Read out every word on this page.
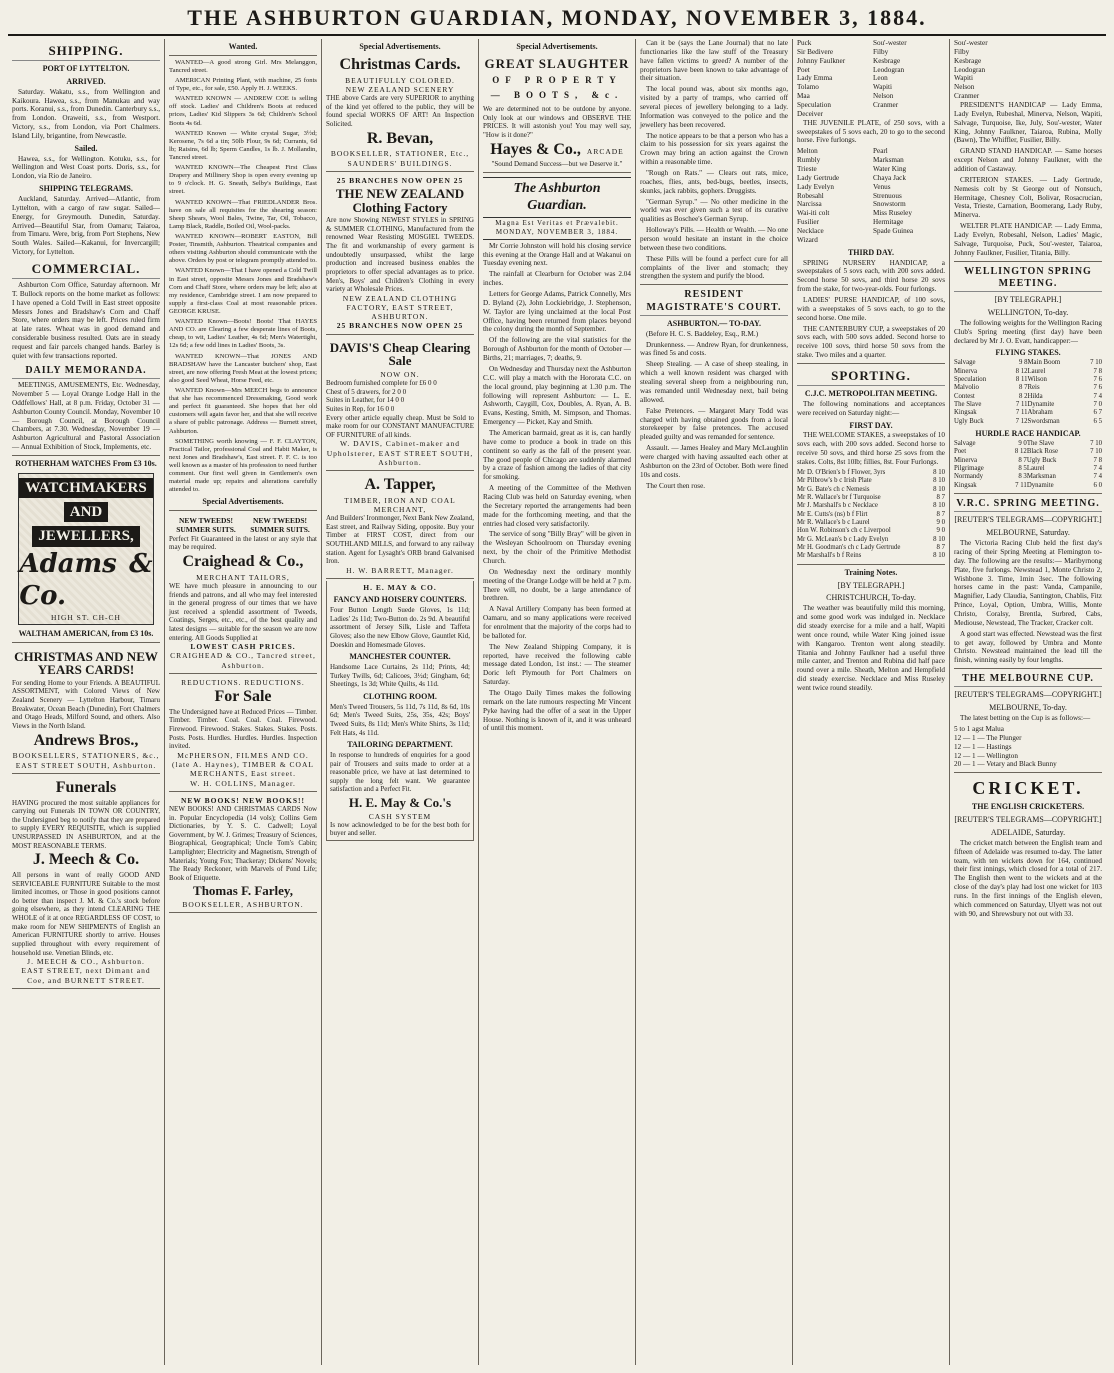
THE ASHBURTON GUARDIAN, MONDAY, NOVEMBER 3, 1884.
SHIPPING.
PORT OF LYTTELTON.
ARRIVED.

Saturday. Wakatu, s.s., from Wellington and Kaikoura. Hawea, s.s., from Manukau and way ports. Koranui, s.s., from Dunedin. Canterbury s.s., from London. Oraweiti, s.s., from Westport. Victory, s.s., from London, via Port Chalmers. Island Lily, brigantine, from Newcastle.

Sailed.

Hawea, s.s., for Wellington. Kotuku, s.s., for Wellington and West Coast ports. Doris, s.s., for London, via Rio de Janeiro.

SHIPPING TELEGRAMS.

Auckland, Saturday. Arrived—Atlantic, from Lyttelton, with a cargo of raw sugar. Sailed—Energy, for Greymouth. Dunedin, Saturday. Arrived—Beautiful Star, from Oamaru; Taiaroa, from Timaru. Were, brig, from Port Stephens, New South Wales. Sailed—Kakanui, for Invercargill; Victory, for Lyttelton.

COMMERCIAL.

Ashburton Corn Office, Saturday afternoon. Mr T. Bullock reports on the home market as follows: I have opened a Cold Twill in East street opposite Messrs Jones and Bradshaw's Corn and Chaff Store, where orders may be left. Prices ruled firm at late rates. Wheat was in good demand and considerable business resulted. Oats are in steady request and fair parcels changed hands. Barley is quiet with few transactions reported.

DAILY MEMORANDA.

MEETINGS, AMUSEMENTS, Etc. Wednesday, November 5 — Loyal Orange Lodge Hall in the Oddfellows' Hall, at 8 p.m. Friday, October 31 — Ashburton County Council. Monday, November 10 — Borough Council, at Borough Council Chambers, at 7.30. Wednesday, November 19 — Ashburton Agricultural and Pastoral Association — Annual Exhibition of Stock, Implements, etc.

ROTHERHAM WATCHES From £3 10s.
WATCHMAKERS
AND
JEWELLERS,
Adams & Co.
HIGH ST. CH-CH
WALTHAM AMERICAN, from £3 10s.
CHRISTMAS AND NEW YEARS CARDS!
For sending Home to your Friends. A BEAUTIFUL ASSORTMENT, with Colored Views of New Zealand Scenery — Lyttelton Harbour, Timaru Breakwater, Ocean Beach (Dunedin), Fort Chalmers and Otago Heads, Milford Sound, and others. Also Views in the North Island.
Andrews Bros.,
BOOKSELLERS, STATIONERS, &c., EAST STREET SOUTH, Ashburton.
Funerals
HAVING procured the most suitable appliances for carrying out Funerals IN TOWN OR COUNTRY, the Undersigned beg to notify that they are prepared to supply EVERY REQUISITE, which is supplied UNSURPASSED IN ASHBURTON, and at the MOST REASONABLE TERMS.
J. Meech & Co.
All persons in want of really GOOD AND SERVICEABLE FURNITURE Suitable to the most limited incomes, or Those in good positions cannot do better than inspect J. M. & Co.'s stock before going elsewhere, as they intend CLEARING THE WHOLE of it at once REGARDLESS OF COST, to make room for NEW SHIPMENTS of English an American FURNITURE shortly to arrive. Houses supplied throughout with every requirement of household use. Venetian Blinds, etc.
J. MEECH & CO., Ashburton.
EAST STREET, next Dimant and Coe, and BURNETT STREET.
Wanted.

WANTED—A good strong Girl. Mrs Melanggon, Tancred street.

AMERICAN Printing Plant, with machine, 25 fonts of Type, etc., for sale, £50. Apply H. J. WEEKS.

WANTED KNOWN — ANDREW COE is selling off stock. Ladies' and Children's Boots at reduced prices, Ladies' Kid Slippers 3s 6d; Children's School Boots 4s 6d.

WANTED Known — White crystal Sugar, 3½d; Kerosene, 7s 6d a tin; 50lb Flour, 9s 6d; Currants, 6d lb; Raisins, 6d lb; Sperm Candles, 1s lb. J. Mollandin, Tancred street.

WANTED KNOWN—The Cheapest First Class Drapery and Millinery Shop is open every evening up to 9 o'clock. H. G. Sneath, Selby's Buildings, East street.

WANTED KNOWN—That FRIEDLANDER Bros. have on sale all requisites for the shearing season: Sheep Shears, Wool Bales, Twine, Tar, Oil, Tobacco, Lamp Black, Raddle, Boiled Oil, Wool-packs.

WANTED KNOWN—ROBERT EASTON, Bill Poster, Tinsmith, Ashburton. Theatrical companies and others visiting Ashburton should communicate with the above. Orders by post or telegram promptly attended to.

WANTED Known—That I have opened a Cold Twill in East street, opposite Messrs Jones and Bradshaw's Corn and Chaff Store, where orders may be left; also at my residence, Cambridge street. I am now prepared to supply a first-class Coal at most reasonable prices. GEORGE KRUSE.

WANTED Known—Boots! Boots! That HAYES AND CO. are Clearing a few desperate lines of Boots, cheap, to wit, Ladies' Leather, 4s 6d; Men's Watertight, 12s 6d; a few odd lines in Ladies' Boots, 3s.

WANTED KNOWN—That JONES AND BRADSHAW have the Lancaster butchers' shop, East street, are now offering Fresh Meat at the lowest prices; also good Seed Wheat, Horse Feed, etc.

WANTED Known—Mrs MEECH begs to announce that she has recommenced Dressmaking, Good work and perfect fit guaranteed. She hopes that her old customers will again favor her, and that she will receive a share of public patronage. Address — Burnett street, Ashburton.

SOMETHING worth knowing — F. F. CLAYTON, Practical Tailor, professional Coal and Habit Maker, is next Jones and Bradshaw's, East street. F. F. C. is too well known as a master of his profession to need further comment. Our first well given in Gentlemen's own material made up; repairs and alterations carefully attended to.

Special Advertisements.
NEW TWEEDS! SUMMER SUITS.
NEW TWEEDS! SUMMER SUITS.
Perfect Fit Guaranteed in the latest or any style that may be required.
Craighead & Co.,
MERCHANT TAILORS,
WE have much pleasure in announcing to our friends and patrons, and all who may feel interested in the general progress of our times that we have just received a splendid assortment of Tweeds, Coatings, Serges, etc., etc., of the best quality and latest designs — suitable for the season we are now entering. All Goods Supplied at
LOWEST CASH PRICES.
CRAIGHEAD & CO., Tancred street, Ashburton.
REDUCTIONS. REDUCTIONS.
For Sale
The Undersigned have at Reduced Prices — Timber. Timber. Timber. Coal. Coal. Coal. Firewood. Firewood. Firewood. Stakes. Stakes. Stakes. Posts. Posts. Posts. Hurdles. Hurdles. Hurdles. Inspection invited.
McPHERSON, FILMES AND CO. (late A. Haynes), TIMBER & COAL MERCHANTS, East street.
W. H. COLLINS, Manager.
NEW BOOKS! NEW BOOKS!!
NEW BOOKS! AND CHRISTMAS CARDS Now in. Popular Encyclopedia (14 vols); Collins Gem Dictionaries, by Y. S. C. Cadwell; Loyal Government, by W. J. Grimes; Treasury of Sciences, Biographical, Geographical; Uncle Tom's Cabin; Lamplighter; Electricity and Magnetism, Strength of Materials; Young Fox; Thackeray; Dickens' Novels; The Ready Reckoner, with Marvels of Pond Life; Book of Etiquette.
Thomas F. Farley,
BOOKSELLER, ASHBURTON.
Special Advertisements.
Christmas Cards.
BEAUTIFULLY COLORED.
NEW ZEALAND SCENERY
THE above Cards are very SUPERIOR to anything of the kind yet offered to the public, they will be found special WORKS OF ART! An Inspection Solicited.
R. Bevan,
BOOKSELLER, STATIONER, Etc., SAUNDERS' BUILDINGS.
25 BRANCHES NOW OPEN 25
THE NEW ZEALAND Clothing Factory
Are now Showing NEWEST STYLES in SPRING & SUMMER CLOTHING, Manufactured from the renowned Wear Resisting MOSGIEL TWEEDS. The fit and workmanship of every garment is undoubtedly unsurpassed, whilst the large production and increased business enables the proprietors to offer special advantages as to price. Men's, Boys' and Children's Clothing in every variety at Wholesale Prices.
NEW ZEALAND CLOTHING FACTORY, EAST STREET, ASHBURTON.
25 BRANCHES NOW OPEN 25
DAVIS'S Cheap Clearing Sale
NOW ON.
Bedroom furnished complete for £6 0 0
Chest of 5 drawers, for 2 0 0
Suites in Leather, for 14 0 0
Suites in Rep, for 16 0 0
Every other article equally cheap. Must be Sold to make room for our CONSTANT MANUFACTURE OF FURNITURE of all kinds.
W. DAVIS, Cabinet-maker and Upholsterer, EAST STREET SOUTH, Ashburton.
A. Tapper,
TIMBER, IRON AND COAL MERCHANT,
And Builders' Ironmonger, Next Bank New Zealand, East street, and Railway Siding, opposite. Buy your Timber at FIRST COST, direct from our SOUTHLAND MILLS, and forward to any railway station. Agent for Lysaght's ORB brand Galvanised Iron.
H. W. BARRETT, Manager.
H. E. MAY & CO.
FANCY AND HOISERY COUNTERS.
Four Button Length Suede Gloves, 1s 11d; Ladies' 2s 11d; Two-Button do. 2s 9d. A beautiful assortment of Jersey Silk, Lisle and Taffeta Gloves; also the new Elbow Glove, Gauntlet Kid, Doeskin and Homesmade Gloves.
MANCHESTER COUNTER.
Handsome Lace Curtains, 2s 11d; Prints, 4d; Turkey Twills, 6d; Calicoes, 3½d; Gingham, 6d; Sheetings, 1s 3d; White Quilts, 4s 11d.
CLOTHING ROOM.
Men's Tweed Trousers, 5s 11d, 7s 11d, 8s 6d, 10s 6d; Men's Tweed Suits, 25s, 35s, 42s; Boys' Tweed Suits, 8s 11d; Men's White Shirts, 3s 11d; Felt Hats, 4s 11d.
TAILORING DEPARTMENT.
In response to hundreds of enquiries for a good pair of Trousers and suits made to order at a reasonable price, we have at last determined to supply the long felt want. We guarantee satisfaction and a Perfect Fit.
H. E. May & Co.'s
CASH SYSTEM
Is now acknowledged to be for the best both for buyer and seller.
Special Advertisements.
GREAT SLAUGHTER
OF PROPERTY — BOOTS, &c.
We are determined not to be outdone by anyone. Only look at our windows and OBSERVE THE PRICES. It will astonish you! You may well say, "How is it done?"
Hayes & Co., ARCADE
"Sound Demand Success—but we Deserve it."
The Ashburton Guardian.
Magna Est Veritas et Prævalebit.
MONDAY, NOVEMBER 3, 1884.

Mr Corrie Johnston will hold his closing service this evening at the Orange Hall and at Wakanui on Tuesday evening next.

The rainfall at Clearburn for October was 2.04 inches.

Letters for George Adams, Patrick Connelly, Mrs D. Byland (2), John Lockiebridge, J. Stephenson, W. Taylor are lying unclaimed at the local Post Office, having been returned from places beyond the colony during the month of September.

Of the following are the vital statistics for the Borough of Ashburton for the month of October — Births, 21; marriages, 7; deaths, 9.

On Wednesday and Thursday next the Ashburton C.C. will play a match with the Hororata C.C. on the local ground, play beginning at 1.30 p.m. The following will represent Ashburton: — L. E. Ashworth, Caygill, Cox, Doubles, A. Ryan, A. B. Evans, Kesting, Smith, M. Simpson, and Thomas. Emergency — Picket, Kay and Smith.

The American barmaid, great as it is, can hardly have come to produce a book in trade on this continent so early as the fall of the present year. The good people of Chicago are suddenly alarmed by a craze of fashion among the ladies of that city for smoking.

A meeting of the Committee of the Methven Racing Club was held on Saturday evening, when the Secretary reported the arrangements had been made for the forthcoming meeting, and that the entries had closed very satisfactorily.

The service of song "Billy Bray" will be given in the Wesleyan Schoolroom on Thursday evening next, by the choir of the Primitive Methodist Church.

On Wednesday next the ordinary monthly meeting of the Orange Lodge will be held at 7 p.m. There will, no doubt, be a large attendance of brethren.

A Naval Artillery Company has been formed at Oamaru, and so many applications were received for enrolment that the majority of the corps had to be balloted for.

The New Zealand Shipping Company, it is reported, have received the following cable message dated London, 1st inst.: — The steamer Doric left Plymouth for Port Chalmers on Saturday.

The Otago Daily Times makes the following remark on the late rumours respecting Mr Vincent Pyke having had the offer of a seat in the Upper House. Nothing is known of it, and it was unheard of until this moment.

Can it be (says the Lane Journal) that no late functionaries like the law stuff of the Treasury have fallen victims to greed? A number of the proprietors have been known to take advantage of their situation.

The local pound was, about six months ago, visited by a party of tramps, who carried off several pieces of jewellery belonging to a lady. Information was conveyed to the police and the jewellery has been recovered.

The notice appears to be that a person who has a claim to his possession for six years against the Crown may bring an action against the Crown within a reasonable time.

"Rough on Rats." — Clears out rats, mice, roaches, flies, ants, bed-bugs, beetles, insects, skunks, jack rabbits, gophers. Druggists.

"German Syrup." — No other medicine in the world was ever given such a test of its curative qualities as Boschee's German Syrup.

Holloway's Pills. — Health or Wealth. — No one person would hesitate an instant in the choice between these two conditions.

These Pills will be found a perfect cure for all complaints of the liver and stomach; they strengthen the system and purify the blood.

RESIDENT MAGISTRATE'S COURT.
ASHBURTON.— TO-DAY.

(Before H. C. S. Baddeley, Esq., R.M.)

Drunkenness. — Andrew Ryan, for drunkenness, was fined 5s and costs.

Sheep Stealing. — A case of sheep stealing, in which a well known resident was charged with stealing several sheep from a neighbouring run, was remanded until Wednesday next, bail being allowed.

False Pretences. — Margaret Mary Todd was charged with having obtained goods from a local storekeeper by false pretences. The accused pleaded guilty and was remanded for sentence.

Assault. — James Healey and Mary McLaughlin were charged with having assaulted each other at Ashburton on the 23rd of October. Both were fined 10s and costs.

The Court then rose.

Puck
Sir Bedivere
Johnny Faulkner
Poet
Lady Emma
Tolamo
Maa
Speculation
Deceiver
Sou'-wester
Filby
Kesbrage
Leodogran
Leon
Wapiti
Nelson
Cranmer

THE JUVENILE PLATE, of 250 sovs, with a sweepstakes of 5 sovs each, 20 to go to the second horse. Five furlongs.

Melton
Rumbly
Trieste
Lady Gertrude
Lady Evelyn
Robesahl
Narcissa
Wai-iti colt
Fusilier
Necklace
Wizard
Pearl
Marksman
Water King
Chaya Jack
Venus
Strenuous
Snowstorm
Miss Ruseley
Hermitage
Spade Guinea
THIRD DAY.

SPRING NURSERY HANDICAP, a sweepstakes of 5 sovs each, with 200 sovs added. Second horse 50 sovs, and third horse 20 sovs from the stake, for two-year-olds. Four furlongs.

LADIES' PURSE HANDICAP, of 100 sovs, with a sweepstakes of 5 sovs each, to go to the second horse. One mile.

THE CANTERBURY CUP, a sweepstakes of 20 sovs each, with 500 sovs added. Second horse to receive 100 sovs, third horse 50 sovs from the stake. Two miles and a quarter.

SPORTING.
C.J.C. METROPOLITAN MEETING.

The following nominations and acceptances were received on Saturday night:—

FIRST DAY.

THE WELCOME STAKES, a sweepstakes of 10 sovs each, with 200 sovs added. Second horse to receive 50 sovs, and third horse 25 sovs from the stakes. Colts, 8st 10lb; fillies, 8st. Four Furlongs.

Mr D. O'Brien's b f Flower, 3yrs	8 10
Mr Pilbrow's b c Irish Plate	8 10
Mr G. Bate's ch c Nemesis	8 10
Mr R. Wallace's br f Turquoise	8 7
Mr J. Marshall's b c Necklace	8 10
Mr E. Cutts's (ns) b f Flirt	8 7
Mr R. Wallace's b c Laurel	9 0
Hon W. Robinson's ch c Liverpool	9 0
Mr G. McLean's b c Lady Evelyn	8 10
Mr H. Goodman's ch c Lady Gertrude	8 7
Mr Marshall's b f Reins	8 10
Training Notes.
[BY TELEGRAPH.]
CHRISTCHURCH, To-day.

The weather was beautifully mild this morning, and some good work was indulged in. Necklace did steady exercise for a mile and a half, Wapiti went once round, while Water King joined issue with Kangaroo. Trenton went along steadily. Titania and Johnny Faulkner had a useful three mile canter, and Trenton and Rubina did half pace round over a mile. Sheath, Melton and Hempfield did steady exercise. Necklace and Miss Ruseley went twice round steadily.

Sou'-wester
Filby
Kesbrage
Leodogran
Wapiti
Nelson
Cranmer

PRESIDENT'S HANDICAP — Lady Emma, Lady Evelyn, Rubeshal, Minerva, Nelson, Wapiti, Salvage, Turquoise, Ike, July, Sou'-wester, Water King, Johnny Faulkner, Taiaroa, Rubina, Molly (Bawn), The Whiffler, Fusilier, Billy.

GRAND STAND HANDICAP. — Same horses except Nelson and Johnny Faulkner, with the addition of Castaway.

CRITERION STAKES. — Lady Gertrude, Nemesis colt by St George out of Nonsuch, Hermitage, Chesney Colt, Bolivar, Rosacrucian, Vesta, Trieste, Carnation, Boomerang, Lady Ruby, Minerva.

WELTER PLATE HANDICAP. — Lady Emma, Lady Evelyn, Robesahl, Nelson, Ladies' Magic, Salvage, Turquoise, Puck, Sou'-wester, Taiaroa, Johnny Faulkner, Fusilier, Titania, Billy.

WELLINGTON SPRING MEETING.
[BY TELEGRAPH.]
WELLINGTON, To-day.

The following weights for the Wellington Racing Club's Spring meeting (first day) have been declared by Mr J. O. Evatt, handicapper:—

FLYING STAKES.
Salvage	9 8	Main Boom	7 10
Minerva	8 12	Laurel	7 8
Speculation	8 11	Wilson	7 6
Malvolio	8 7	Reis	7 6
Contest	8 2	Hilda	7 4
The Slave	7 11	Dynamite	7 0
Kingsak	7 11	Abraham	6 7
Ugly Buck	7 12	Swordsman	6 5
HURDLE RACE HANDICAP.
Salvage	9 0	The Slave	7 10
Poet	8 12	Black Rose	7 10
Minerva	8 7	Ugly Buck	7 8
Pilgrimage	8 5	Laurel	7 4
Normandy	8 3	Marksman	7 4
Kingsak	7 11	Dynamite	6 0
V.R.C. SPRING MEETING.
[REUTER'S TELEGRAMS—COPYRIGHT.]
MELBOURNE, Saturday.

The Victoria Racing Club held the first day's racing of their Spring Meeting at Flemington to-day. The following are the results:— Maribyrnong Plate, five furlongs. Newstead 1, Monte Christo 2, Wishbone 3. Time, 1min 3sec. The following horses came in the past: Vanda, Campanile, Magnifier, Lady Claudia, Santington, Chablis, Fitz Prince, Loyal, Option, Umbra, Willis, Monte Christo, Coralsy, Brentla, Surbred, Cabs, Mediouse, Newstead, The Tracker, Cracker colt.

A good start was effected. Newstead was the first to get away, followed by Umbra and Monte Christo. Newstead maintained the lead till the finish, winning easily by four lengths.

THE MELBOURNE CUP.
[REUTER'S TELEGRAMS—COPYRIGHT.]
MELBOURNE, To-day.

The latest betting on the Cup is as follows:—

5 to 1 agst Malua
12 — 1 — The Plunger
12 — 1 — Hastings
12 — 1 — Wellington
20 — 1 — Vetary and Black Bunny
CRICKET.
THE ENGLISH CRICKETERS.
[REUTER'S TELEGRAMS—COPYRIGHT.]
ADELAIDE, Saturday.

The cricket match between the English team and fifteen of Adelaide was resumed to-day. The latter team, with ten wickets down for 164, continued their first innings, which closed for a total of 217. The English then went to the wickets and at the close of the day's play had lost one wicket for 103 runs. In the first innings of the English eleven, which commenced on Saturday, Ulyett was not out with 90, and Shrewsbury not out with 33.
